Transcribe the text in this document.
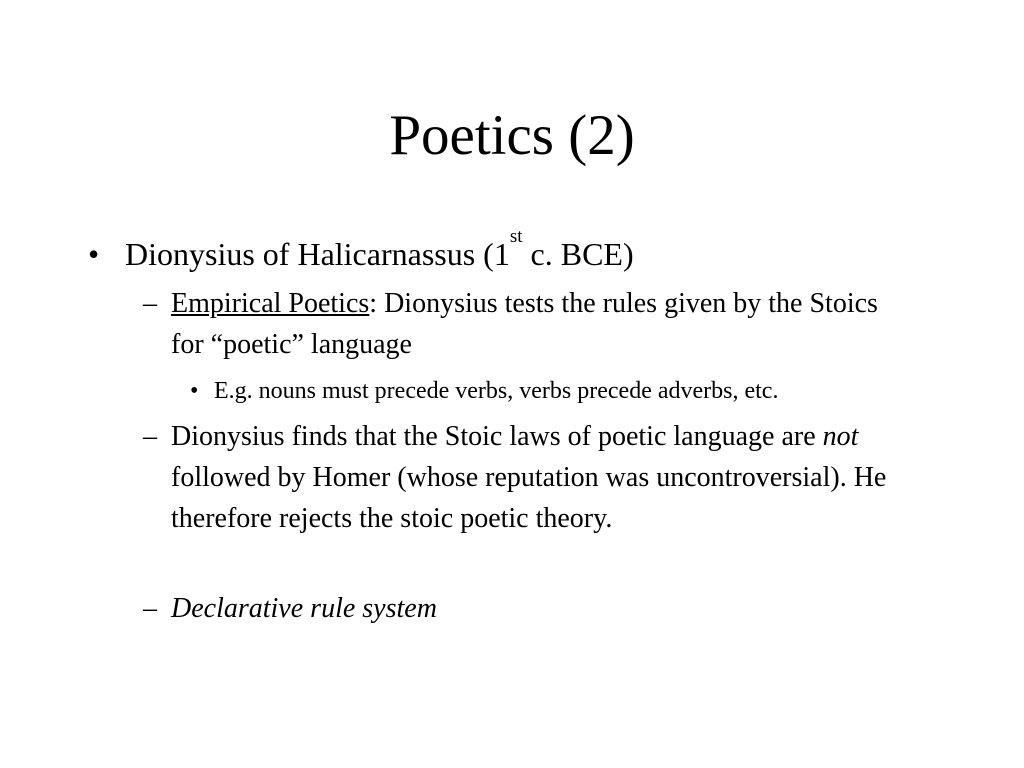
Poetics (2)
• Dionysius of Halicarnassus (1st c. BCE)
– Empirical Poetics: Dionysius tests the rules given by the Stoics for “poetic” language
• E.g. nouns must precede verbs, verbs precede adverbs, etc.
– Dionysius finds that the Stoic laws of poetic language are not followed by Homer (whose reputation was uncontroversial). He therefore rejects the stoic poetic theory.
– Declarative rule system
